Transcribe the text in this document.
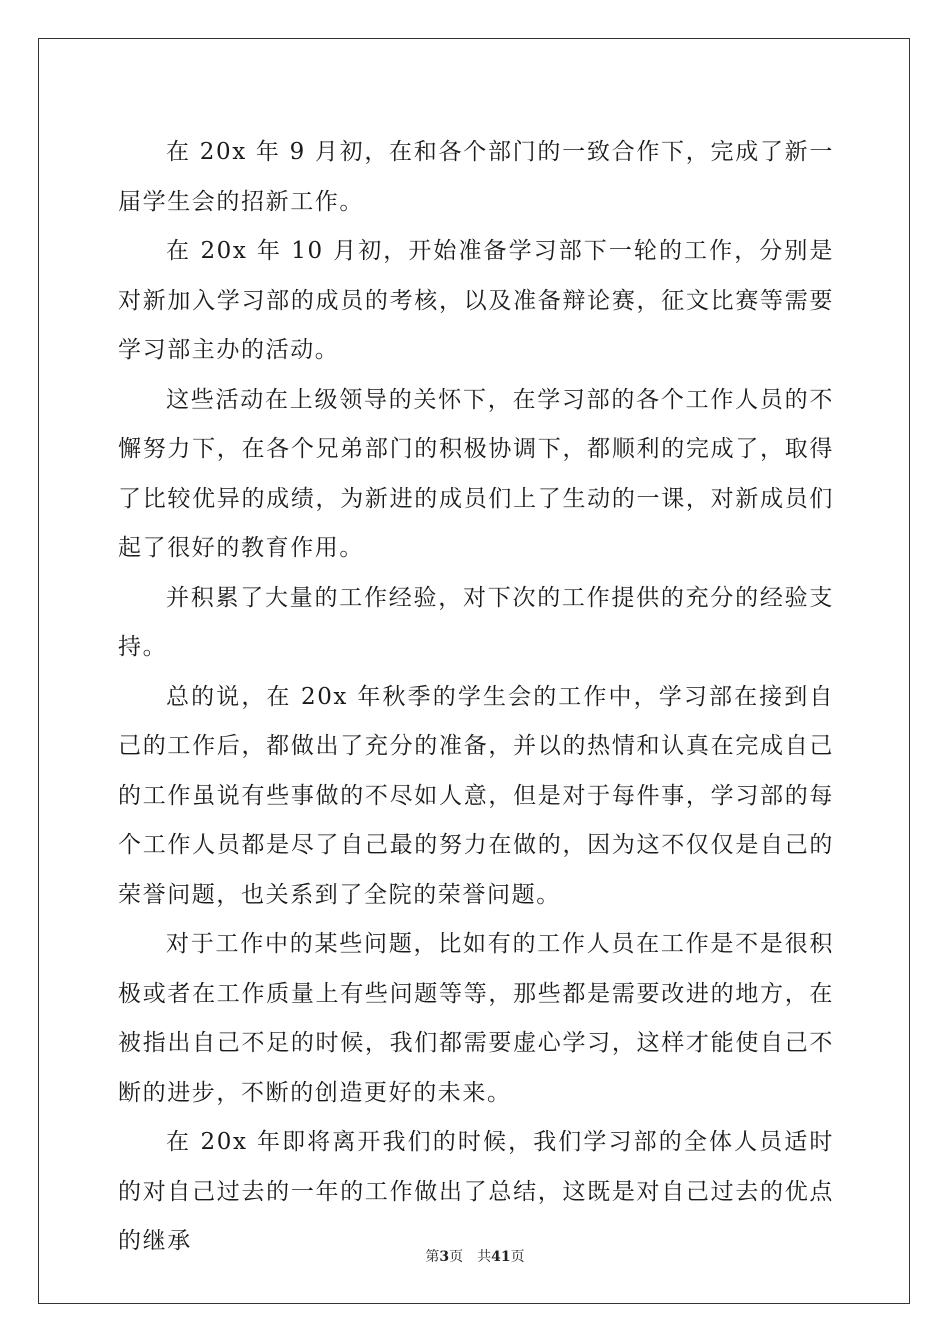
在 20x 年 9 月初，在和各个部门的一致合作下，完成了新一届学生会的招新工作。

在 20x 年 10 月初，开始准备学习部下一轮的工作，分别是对新加入学习部的成员的考核，以及准备辩论赛，征文比赛等需要学习部主办的活动。

这些活动在上级领导的关怀下，在学习部的各个工作人员的不懈努力下，在各个兄弟部门的积极协调下，都顺利的完成了，取得了比较优异的成绩，为新进的成员们上了生动的一课，对新成员们起了很好的教育作用。

并积累了大量的工作经验，对下次的工作提供的充分的经验支持。

总的说，在 20x 年秋季的学生会的工作中，学习部在接到自己的工作后，都做出了充分的准备，并以的热情和认真在完成自己的工作虽说有些事做的不尽如人意，但是对于每件事，学习部的每个工作人员都是尽了自己最的努力在做的，因为这不仅仅是自己的荣誉问题，也关系到了全院的荣誉问题。

对于工作中的某些问题，比如有的工作人员在工作是不是很积极或者在工作质量上有些问题等等，那些都是需要改进的地方，在被指出自己不足的时候，我们都需要虚心学习，这样才能使自己不断的进步，不断的创造更好的未来。

在 20x 年即将离开我们的时候，我们学习部的全体人员适时的对自己过去的一年的工作做出了总结，这既是对自己过去的优点的继承

第3页 共41页
